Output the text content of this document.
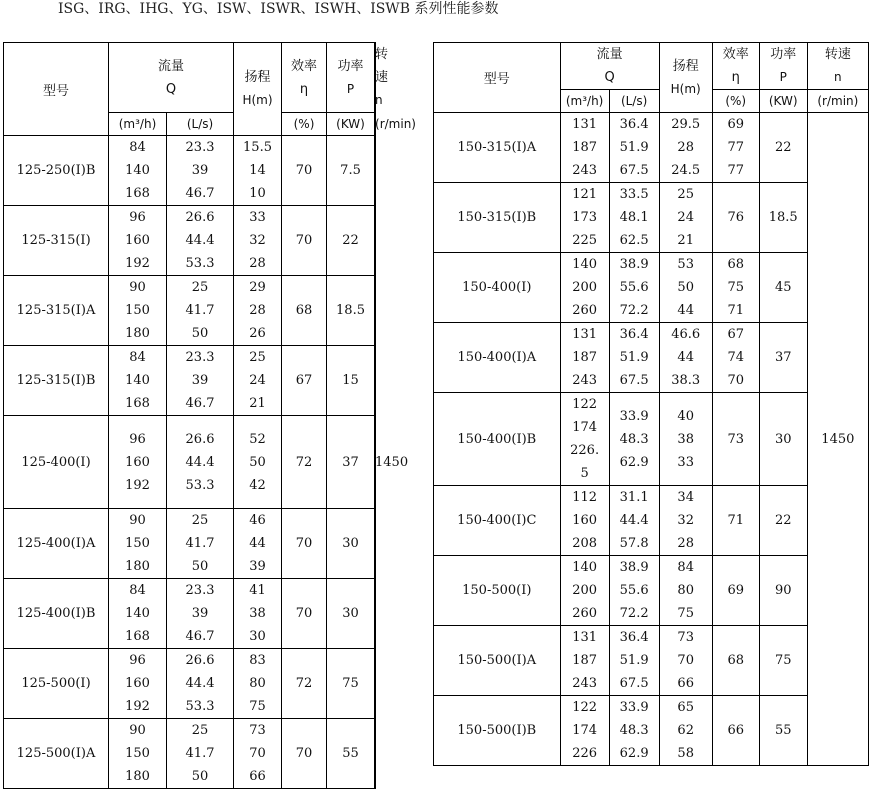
ISG、IRG、IHG、YG、ISW、ISWR、ISWH、ISWB 系列性能参数
型号	流量
Q		扬程
H(m)	效率
η	功率
P	转速
n

	(m³/h)	(L/s)		(%)	(KW)	(r/min)
125-250(I)B	84
140
168	23.3
39
46.7	15.5
14
10	70	7.5	1450
125-315(I)	96
160
192	26.6
44.4
53.3	33
32
28	70	22	
125-315(I)A	90
150
180	25
41.7
50	29
28
26	68	18.5	
125-315(I)B	84
140
168	23.3
39
46.7	25
24
21	67	15	
125-400(I)	96
160
192	26.6
44.4
53.3	52
50
42	72	37	
125-400(I)A	90
150
180	25
41.7
50	46
44
39	70	30	
125-400(I)B	84
140
168	23.3
39
46.7	41
38
30	70	30	
125-500(I)	96
160
192	26.6
44.4
53.3	83
80
75	72	75	
125-500(I)A	90
150
180	25
41.7
50	73
70
66	70	55	
型号	流量
Q		扬程
H(m)	效率
η	功率
P	转速
n

	(m³/h)	(L/s)		(%)	(KW)	(r/min)
150-315(I)A	131
187
243	36.4
51.9
67.5	29.5
28
24.5	69
77
77	22	1450
150-315(I)B	121
173
225	33.5
48.1
62.5	25
24
21	76	18.5	
150-400(I)	140
200
260	38.9
55.6
72.2	53
50
44	68
75
71	45	
150-400(I)A	131
187
243	36.4
51.9
67.5	46.6
44
38.3	67
74
70	37	
150-400(I)B	122
174
226.
5	33.9
48.3
62.9	40
38
33	73	30	
150-400(I)C	112
160
208	31.1
44.4
57.8	34
32
28	71	22	
150-500(I)	140
200
260	38.9
55.6
72.2	84
80
75	69	90	
150-500(I)A	131
187
243	36.4
51.9
67.5	73
70
66	68	75	
150-500(I)B	122
174
226	33.9
48.3
62.9	65
62
58	66	55	
